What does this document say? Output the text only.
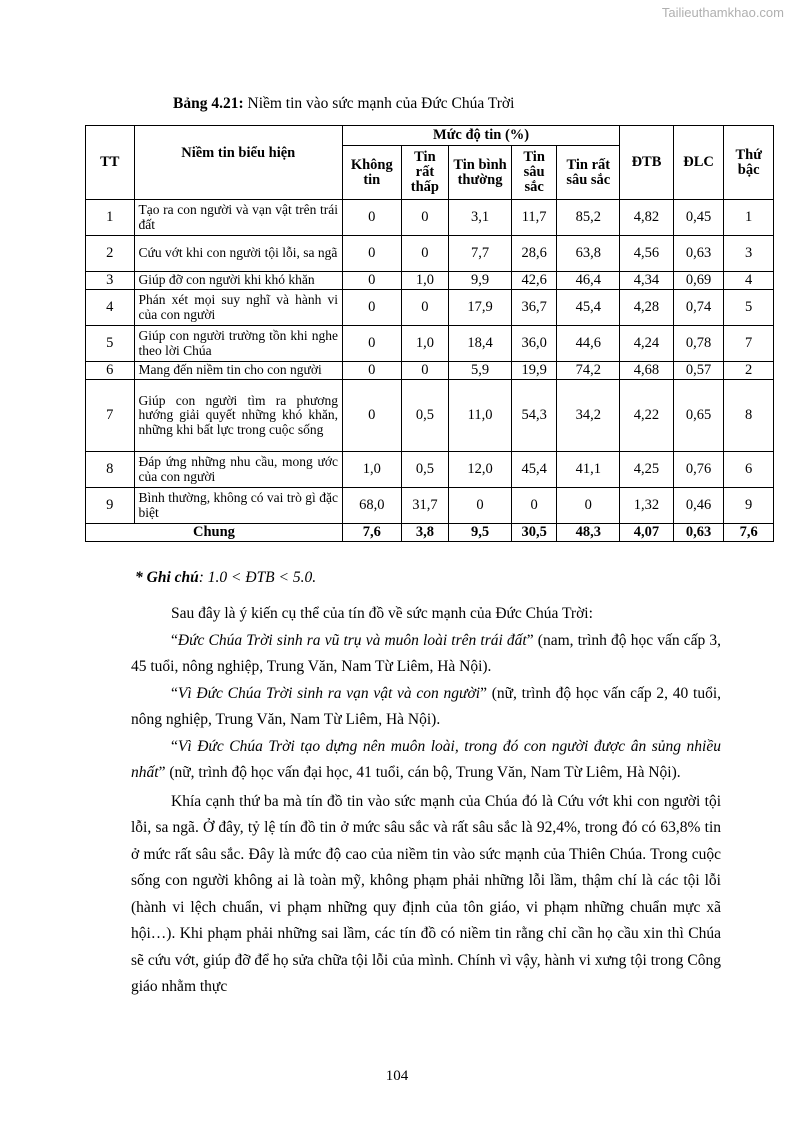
Tailieuthamkhao.com
Bảng 4.21: Niềm tin vào sức mạnh của Đức Chúa Trời
TT	Niềm tin biểu hiện	Mức độ tin (%)					ĐTB	ĐLC	Thứ bậc
		Không tin	Tin rất thấp	Tin bình thường	Tin sâu sắc	Tin rất sâu sắc			
1	Tạo ra con người và vạn vật trên trái đất	0	0	3,1	11,7	85,2	4,82	0,45	1
2	Cứu vớt khi con người tội lỗi, sa ngã	0	0	7,7	28,6	63,8	4,56	0,63	3
3	Giúp đỡ con người khi khó khăn	0	1,0	9,9	42,6	46,4	4,34	0,69	4
4	Phán xét mọi suy nghĩ và hành vi của con người	0	0	17,9	36,7	45,4	4,28	0,74	5
5	Giúp con người trường tồn khi nghe theo lời Chúa	0	1,0	18,4	36,0	44,6	4,24	0,78	7
6	Mang đến niềm tin cho con người	0	0	5,9	19,9	74,2	4,68	0,57	2
7	Giúp con người tìm ra phương hướng giải quyết những khó khăn, những khi bất lực trong cuộc sống	0	0,5	11,0	54,3	34,2	4,22	0,65	8
8	Đáp ứng những nhu cầu, mong ước của con người	1,0	0,5	12,0	45,4	41,1	4,25	0,76	6
9	Bình thường, không có vai trò gì đặc biệt	68,0	31,7	0	0	0	1,32	0,46	9
Chung		7,6	3,8	9,5	30,5	48,3	4,07	0,63	7,6
* Ghi chú: 1.0 < ĐTB < 5.0.

Sau đây là ý kiến cụ thể của tín đồ về sức mạnh của Đức Chúa Trời:

“Đức Chúa Trời sinh ra vũ trụ và muôn loài trên trái đất” (nam, trình độ học vấn cấp 3, 45 tuổi, nông nghiệp, Trung Văn, Nam Từ Liêm, Hà Nội).

“Vì Đức Chúa Trời sinh ra vạn vật và con người” (nữ, trình độ học vấn cấp 2, 40 tuổi, nông nghiệp, Trung Văn, Nam Từ Liêm, Hà Nội).

“Vì Đức Chúa Trời tạo dựng nên muôn loài, trong đó con người được ân sủng nhiều nhất” (nữ, trình độ học vấn đại học, 41 tuổi, cán bộ, Trung Văn, Nam Từ Liêm, Hà Nội).

Khía cạnh thứ ba mà tín đồ tin vào sức mạnh của Chúa đó là Cứu vớt khi con người tội lỗi, sa ngã. Ở đây, tỷ lệ tín đồ tin ở mức sâu sắc và rất sâu sắc là 92,4%, trong đó có 63,8% tin ở mức rất sâu sắc. Đây là mức độ cao của niềm tin vào sức mạnh của Thiên Chúa. Trong cuộc sống con người không ai là toàn mỹ, không phạm phải những lỗi lầm, thậm chí là các tội lỗi (hành vi lệch chuẩn, vi phạm những quy định của tôn giáo, vi phạm những chuẩn mực xã hội…). Khi phạm phải những sai lầm, các tín đồ có niềm tin rằng chỉ cần họ cầu xin thì Chúa sẽ cứu vớt, giúp đỡ để họ sửa chữa tội lỗi của mình. Chính vì vậy, hành vi xưng tội trong Công giáo nhằm thực

104
